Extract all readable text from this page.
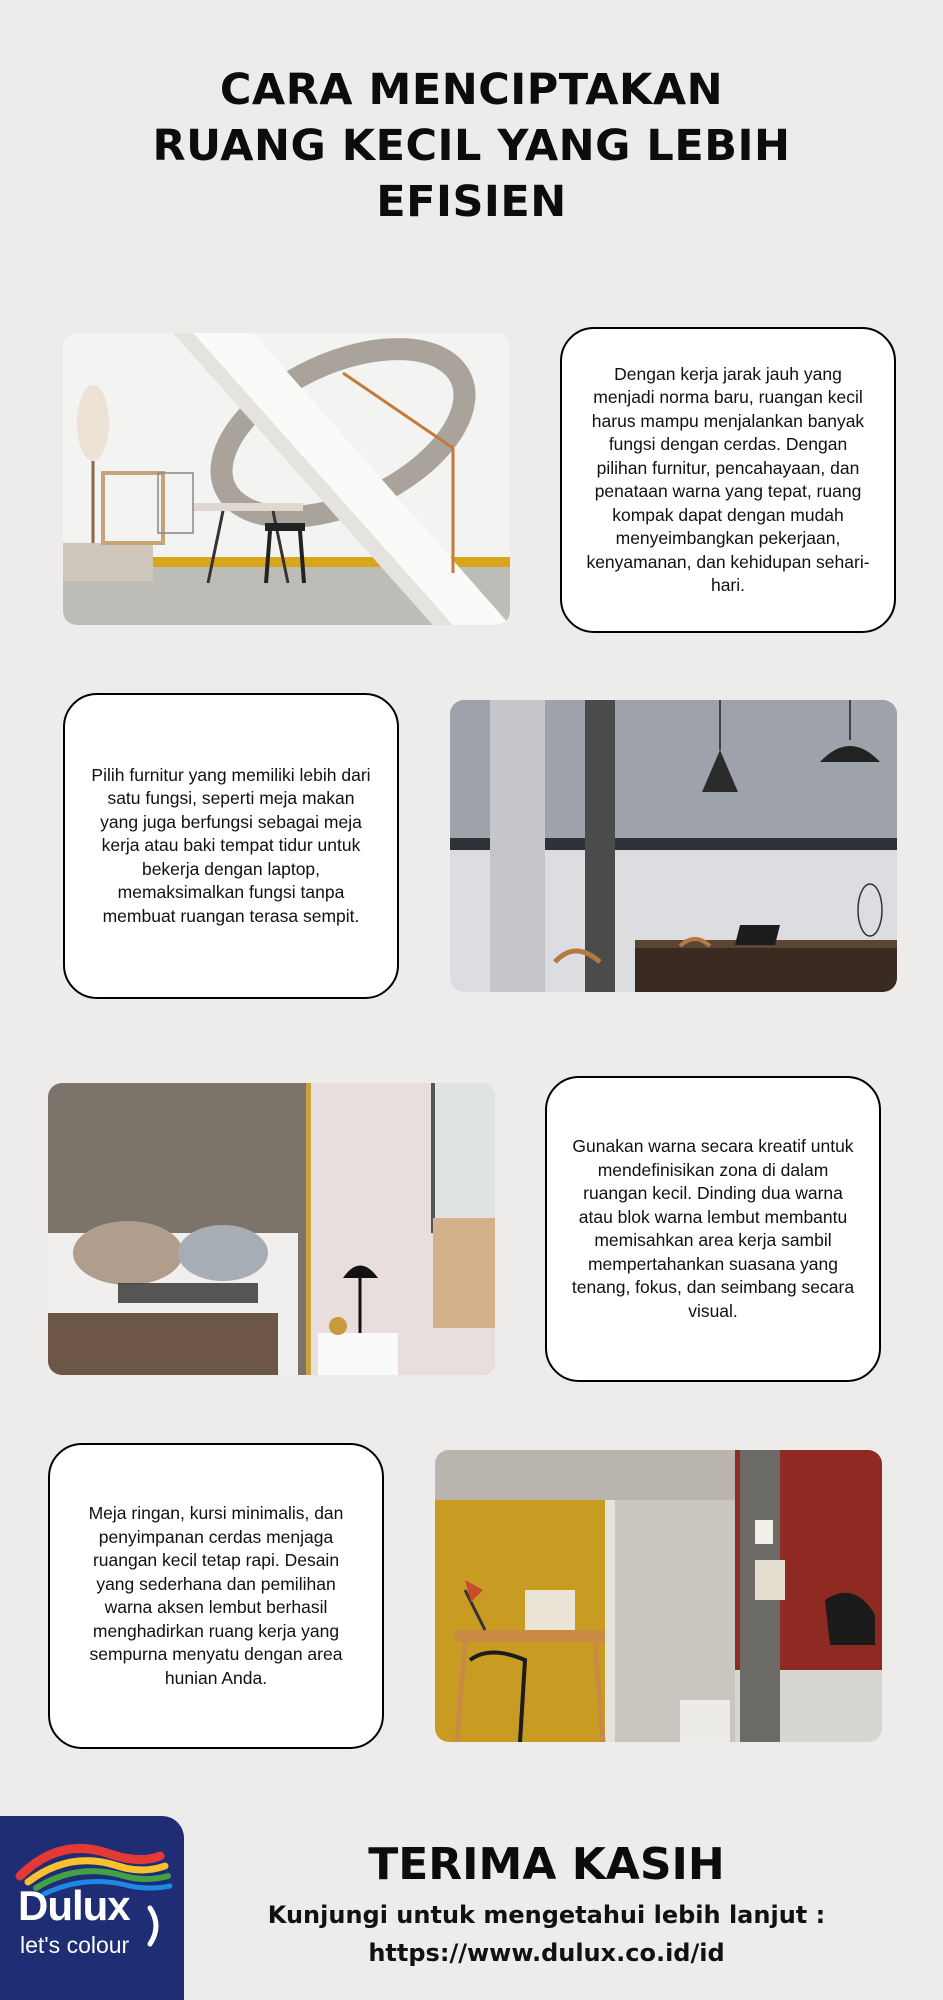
CARA MENCIPTAKAN
RUANG KECIL YANG LEBIH
EFISIEN

Dengan kerja jarak jauh yang menjadi norma baru, ruangan kecil harus mampu menjalankan banyak fungsi dengan cerdas. Dengan pilihan furnitur, pencahayaan, dan penataan warna yang tepat, ruang kompak dapat dengan mudah menyeimbangkan pekerjaan, kenyamanan, dan kehidupan sehari-hari.

Pilih furnitur yang memiliki lebih dari satu fungsi, seperti meja makan yang juga berfungsi sebagai meja kerja atau baki tempat tidur untuk bekerja dengan laptop, memaksimalkan fungsi tanpa membuat ruangan terasa sempit.

Gunakan warna secara kreatif untuk mendefinisikan zona di dalam ruangan kecil. Dinding dua warna atau blok warna lembut membantu memisahkan area kerja sambil mempertahankan suasana yang tenang, fokus, dan seimbang secara visual.

Meja ringan, kursi minimalis, dan penyimpanan cerdas menjaga ruangan kecil tetap rapi. Desain yang sederhana dan pemilihan warna aksen lembut berhasil menghadirkan ruang kerja yang sempurna menyatu dengan area hunian Anda.

Dulux
let's colour
TERIMA KASIH
Kunjungi untuk mengetahui lebih lanjut :
https://www.dulux.co.id/id
